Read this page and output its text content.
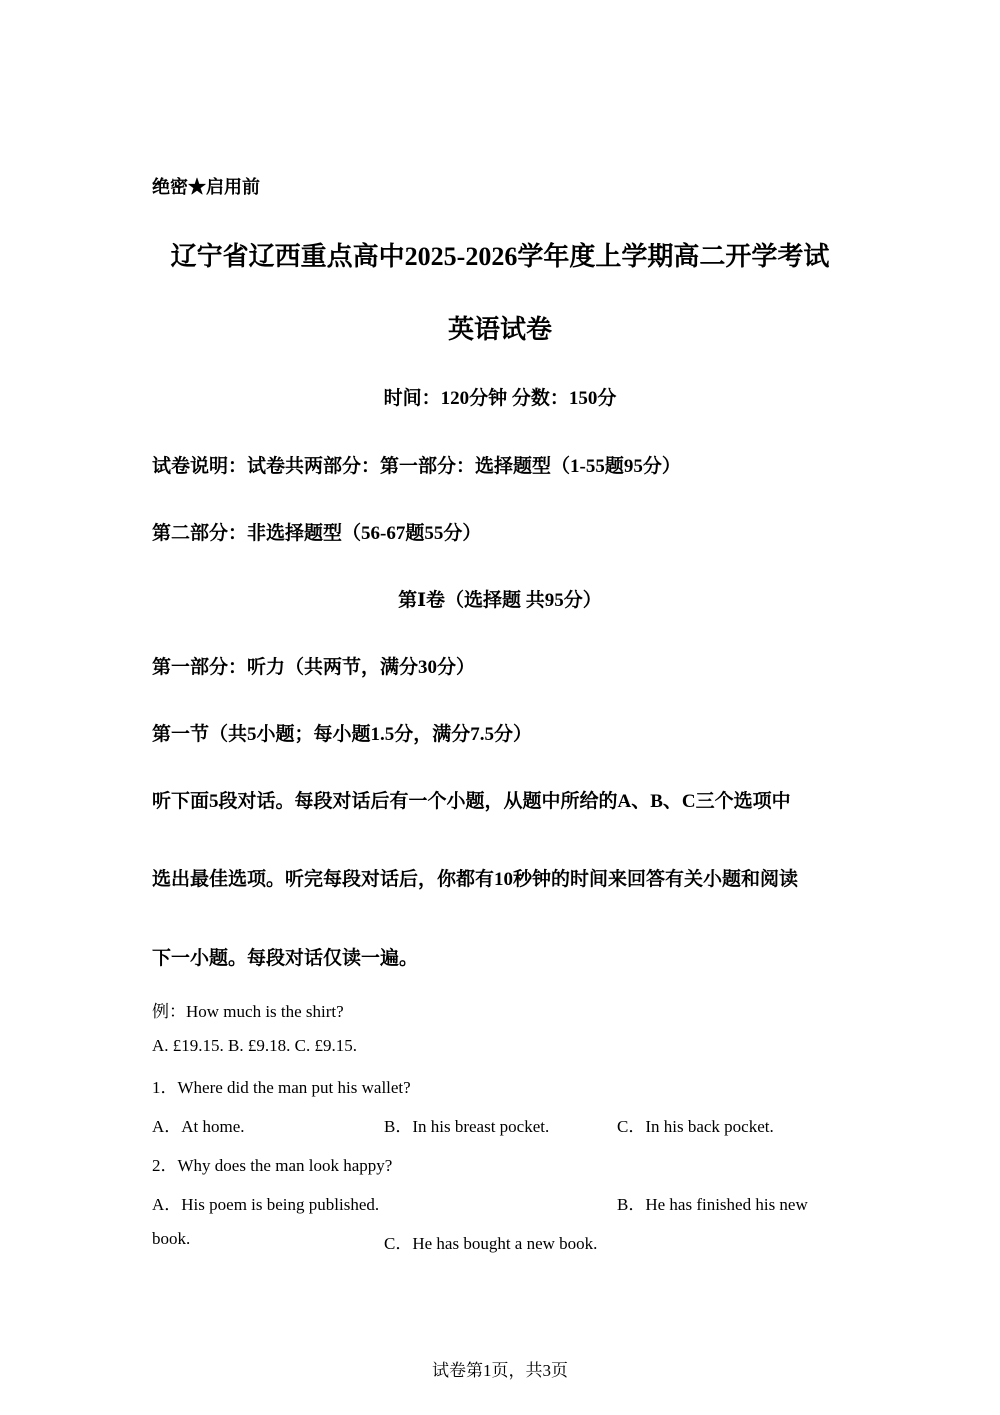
绝密★启用前
辽宁省辽西重点高中2025-2026学年度上学期高二开学考试
英语试卷
时间：120分钟 分数：150分
试卷说明：试卷共两部分：第一部分：选择题型（1-55题95分）
第二部分：非选择题型（56-67题55分）
第Ⅰ卷（选择题 共95分）
第一部分：听力（共两节，满分30分）
第一节（共5小题；每小题1.5分，满分7.5分）
听下面5段对话。每段对话后有一个小题，从题中所给的A、B、C三个选项中
选出最佳选项。听完每段对话后，你都有10秒钟的时间来回答有关小题和阅读
下一小题。每段对话仅读一遍。
例：How much is the shirt?
A. £19.15. B. £9.18. C. £9.15.
1．Where did the man put his wallet?
A．At home.	B．In his breast pocket.	C．In his back pocket.
2．Why does the man look happy?
A．His poem is being published.	B．He has finished his new
book.	C．He has bought a new book.
试卷第1页，共3页
